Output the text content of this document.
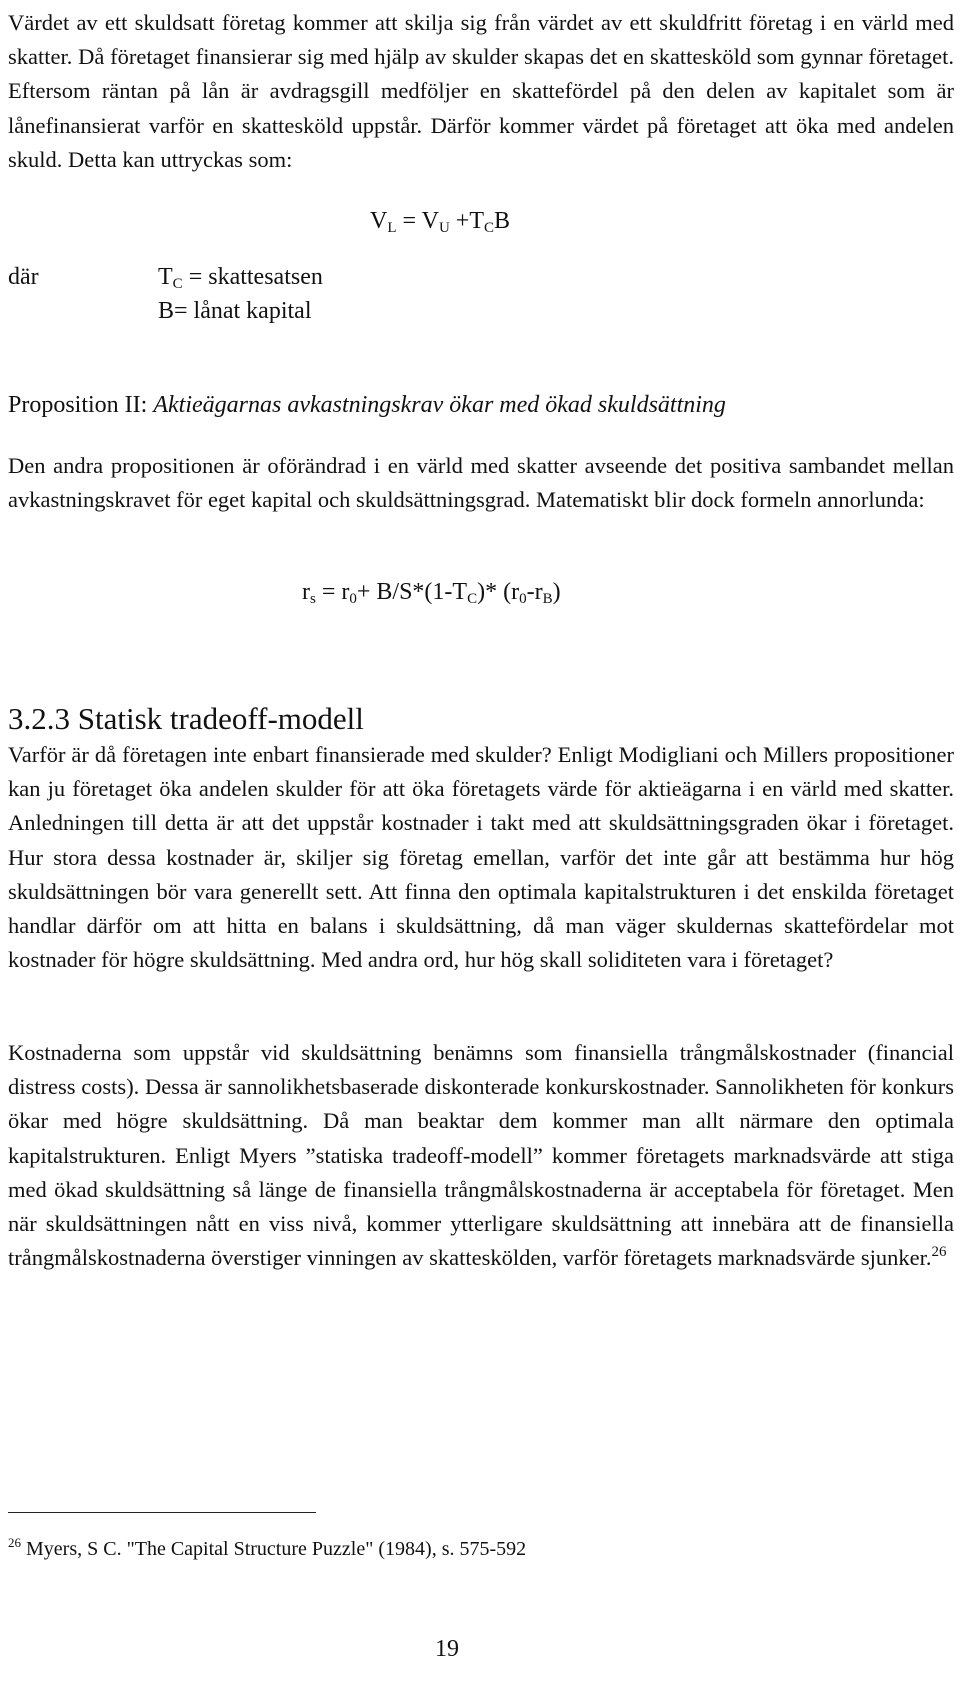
Värdet av ett skuldsatt företag kommer att skilja sig från värdet av ett skuldfritt företag i en värld med skatter. Då företaget finansierar sig med hjälp av skulder skapas det en skattesköld som gynnar företaget. Eftersom räntan på lån är avdragsgill medföljer en skattefördel på den delen av kapitalet som är lånefinansierat varför en skattesköld uppstår. Därför kommer värdet på företaget att öka med andelen skuld. Detta kan uttryckas som:

$V_L = V_U +T_CB$
där	$T_C$ = skattesatsen
B= lånat kapital

Proposition II: Aktieägarnas avkastningskrav ökar med ökad skuldsättning

Den andra propositionen är oförändrad i en värld med skatter avseende det positiva sambandet mellan avkastningskravet för eget kapital och skuldsättningsgrad. Matematiskt blir dock formeln annorlunda:

$r_s = r_0+ B/S*(1-T_C)*$ $(r_0-r_B)$
3.2.3 Statisk tradeoff-modell

Varför är då företagen inte enbart finansierade med skulder? Enligt Modigliani och Millers propositioner kan ju företaget öka andelen skulder för att öka företagets värde för aktieägarna i en värld med skatter. Anledningen till detta är att det uppstår kostnader i takt med att skuldsättningsgraden ökar i företaget. Hur stora dessa kostnader är, skiljer sig företag emellan, varför det inte går att bestämma hur hög skuldsättningen bör vara generellt sett. Att finna den optimala kapitalstrukturen i det enskilda företaget handlar därför om att hitta en balans i skuldsättning, då man väger skuldernas skattefördelar mot kostnader för högre skuldsättning. Med andra ord, hur hög skall soliditeten vara i företaget?

Kostnaderna som uppstår vid skuldsättning benämns som finansiella trångmålskostnader (financial distress costs). Dessa är sannolikhetsbaserade diskonterade konkurskostnader. Sannolikheten för konkurs ökar med högre skuldsättning. Då man beaktar dem kommer man allt närmare den optimala kapitalstrukturen. Enligt Myers ”statiska tradeoff-modell” kommer företagets marknadsvärde att stiga med ökad skuldsättning så länge de finansiella trångmålskostnaderna är acceptabela för företaget. Men när skuldsättningen nått en viss nivå, kommer ytterligare skuldsättning att innebära att de finansiella trångmålskostnaderna överstiger vinningen av skatteskölden, varför företagets marknadsvärde sjunker.$^{26}$

$^{26}$ Myers, S C. "The Capital Structure Puzzle" (1984), s. 575-592
19
